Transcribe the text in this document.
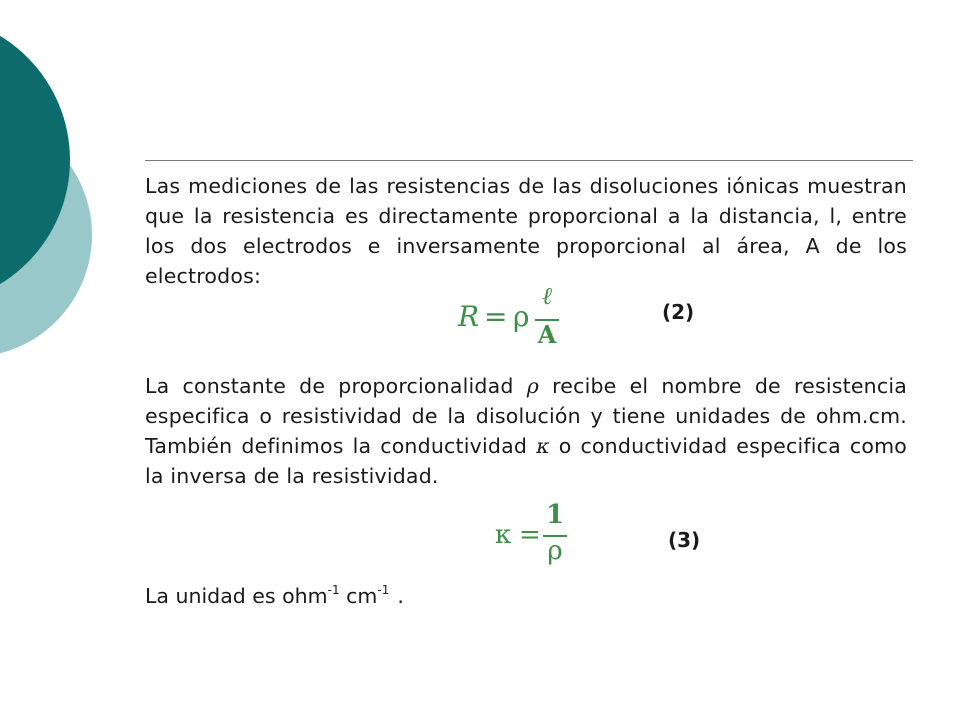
Las mediciones de las resistencias de las disoluciones iónicas muestran que la resistencia es directamente proporcional a la distancia, l, entre los dos electrodos e inversamente proporcional al área, A de los electrodos:
R = ρ
ℓ
A
(2)
La constante de proporcionalidad ρ recibe el nombre de resistencia especifica o resistividad de la disolución y tiene unidades de ohm.cm. También definimos la conductividad κ o conductividad especifica como la inversa de la resistividad.
κ =
1
ρ	(3)
La unidad es ohm$^{-1}$ $cm^{-1}$ .
